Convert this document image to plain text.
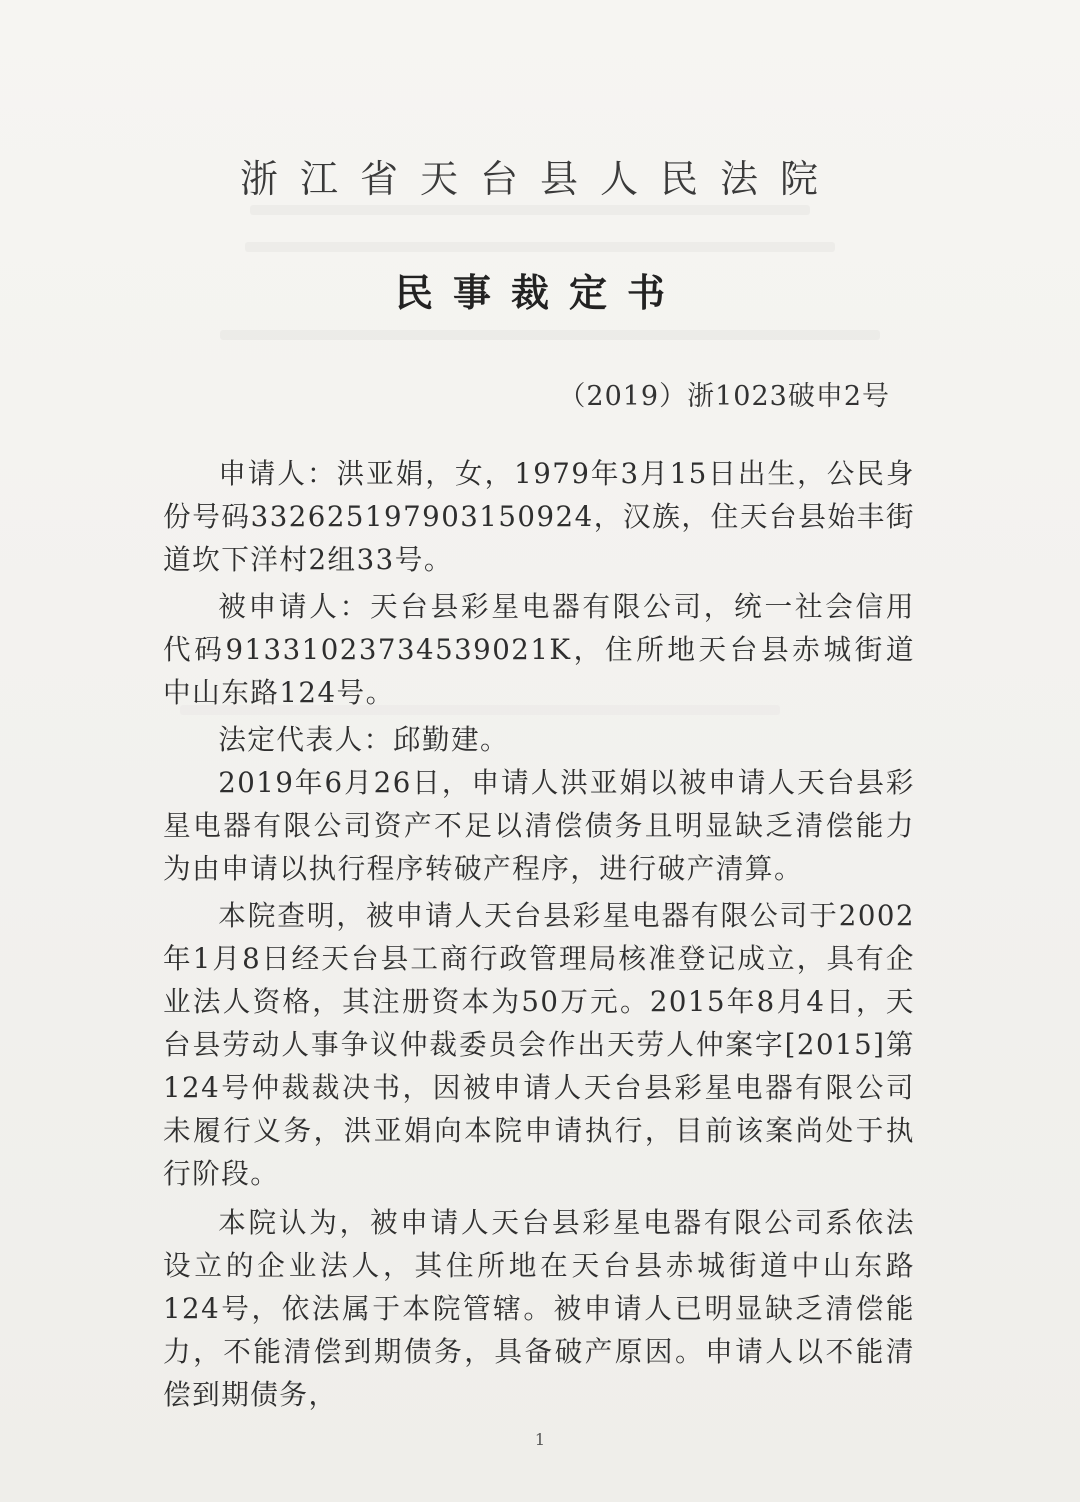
浙江省天台县人民法院
民事裁定书
（2019）浙1023破申2号

申请人：洪亚娟，女，1979年3月15日出生，公民身份号码332625197903150924，汉族，住天台县始丰街道坎下洋村2组33号。

被申请人：天台县彩星电器有限公司，统一社会信用代码91331023734539021K，住所地天台县赤城街道中山东路124号。

法定代表人：邱勤建。

2019年6月26日，申请人洪亚娟以被申请人天台县彩星电器有限公司资产不足以清偿债务且明显缺乏清偿能力为由申请以执行程序转破产程序，进行破产清算。

本院查明，被申请人天台县彩星电器有限公司于2002年1月8日经天台县工商行政管理局核准登记成立，具有企业法人资格，其注册资本为50万元。2015年8月4日，天台县劳动人事争议仲裁委员会作出天劳人仲案字[2015]第124号仲裁裁决书，因被申请人天台县彩星电器有限公司未履行义务，洪亚娟向本院申请执行，目前该案尚处于执行阶段。

本院认为，被申请人天台县彩星电器有限公司系依法设立的企业法人，其住所地在天台县赤城街道中山东路124号，依法属于本院管辖。被申请人已明显缺乏清偿能力，不能清偿到期债务，具备破产原因。申请人以不能清偿到期债务，

1
